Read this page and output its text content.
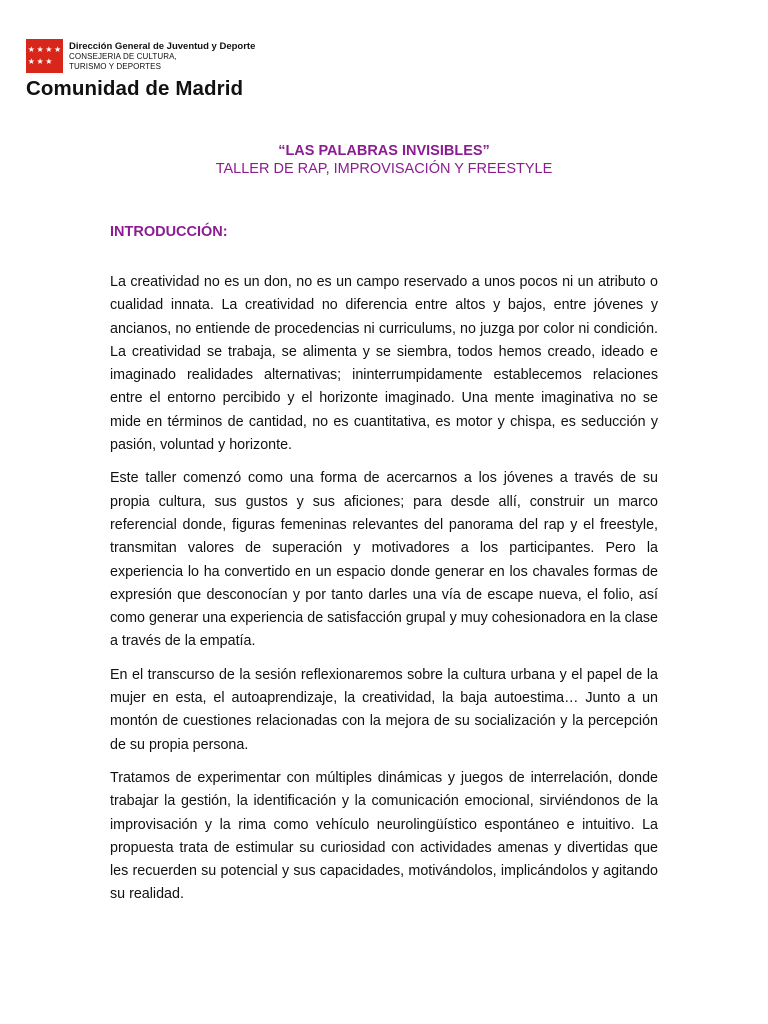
★ ★ ★ ★
★ ★ ★
Dirección General de Juventud y Deporte
CONSEJERIA DE CULTURA,
TURISMO Y DEPORTES
Comunidad de Madrid
“LAS PALABRAS INVISIBLES”
TALLER DE RAP, IMPROVISACIÓN Y FREESTYLE
INTRODUCCIÓN:

La creatividad no es un don, no es un campo reservado a unos pocos ni un atributo o cualidad innata. La creatividad no diferencia entre altos y bajos, entre jóvenes y ancianos, no entiende de procedencias ni curriculums, no juzga por color ni condición. La creatividad se trabaja, se alimenta y se siembra, todos hemos creado, ideado e imaginado realidades alternativas; ininterrumpidamente establecemos relaciones entre el entorno percibido y el horizonte imaginado. Una mente imaginativa no se mide en términos de cantidad, no es cuantitativa, es motor y chispa, es seducción y pasión, voluntad y horizonte.

Este taller comenzó como una forma de acercarnos a los jóvenes a través de su propia cultura, sus gustos y sus aficiones; para desde allí, construir un marco referencial donde, figuras femeninas relevantes del panorama del rap y el freestyle, transmitan valores de superación y motivadores a los participantes. Pero la experiencia lo ha convertido en un espacio donde generar en los chavales formas de expresión que desconocían y por tanto darles una vía de escape nueva, el folio, así como generar una experiencia de satisfacción grupal y muy cohesionadora en la clase a través de la empatía.

En el transcurso de la sesión reflexionaremos sobre la cultura urbana y el papel de la mujer en esta, el autoaprendizaje, la creatividad, la baja autoestima… Junto a un montón de cuestiones relacionadas con la mejora de su socialización y la percepción de su propia persona.

Tratamos de experimentar con múltiples dinámicas y juegos de interrelación, donde trabajar la gestión, la identificación y la comunicación emocional, sirviéndonos de la improvisación y la rima como vehículo neurolingüístico espontáneo e intuitivo. La propuesta trata de estimular su curiosidad con actividades amenas y divertidas que les recuerden su potencial y sus capacidades, motivándolos, implicándolos y agitando su realidad.
